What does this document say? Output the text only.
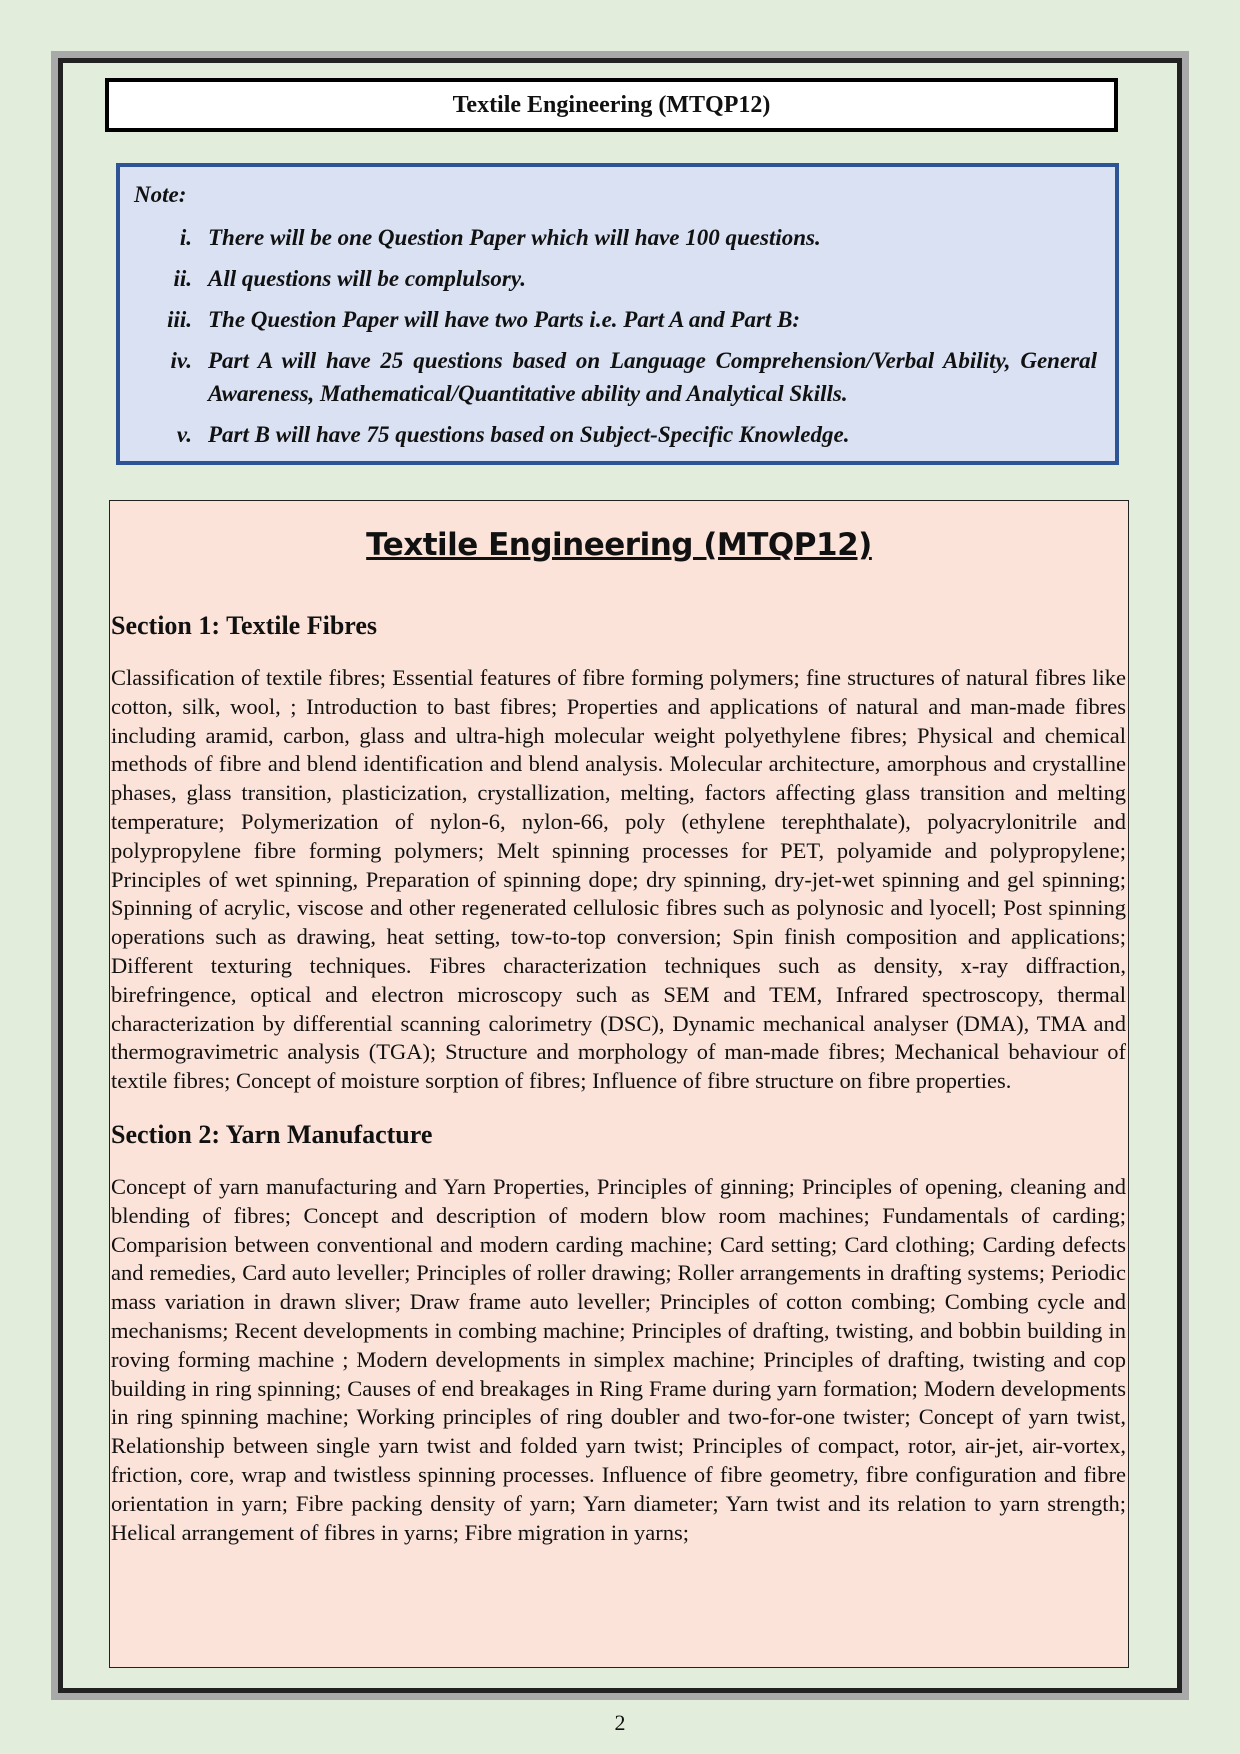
Textile Engineering (MTQP12)
Note:
i. There will be one Question Paper which will have 100 questions.
ii. All questions will be complulsory.
iii. The Question Paper will have two Parts i.e. Part A and Part B:
iv. Part A will have 25 questions based on Language Comprehension/Verbal Ability, General Awareness, Mathematical/Quantitative ability and Analytical Skills.
v. Part B will have 75 questions based on Subject-Specific Knowledge.
Textile Engineering (MTQP12)
Section 1: Textile Fibres

Classification of textile fibres; Essential features of fibre forming polymers; fine structures of natural fibres like cotton, silk, wool, ; Introduction to bast fibres; Properties and applications of natural and man-made fibres including aramid, carbon, glass and ultra-high molecular weight polyethylene fibres; Physical and chemical methods of fibre and blend identification and blend analysis. Molecular architecture, amorphous and crystalline phases, glass transition, plasticization, crystallization, melting, factors affecting glass transition and melting temperature; Polymerization of nylon-6, nylon-66, poly (ethylene terephthalate), polyacrylonitrile and polypropylene fibre forming polymers; Melt spinning processes for PET, polyamide and polypropylene; Principles of wet spinning, Preparation of spinning dope; dry spinning, dry-jet-wet spinning and gel spinning; Spinning of acrylic, viscose and other regenerated cellulosic fibres such as polynosic and lyocell; Post spinning operations such as drawing, heat setting, tow-to-top conversion; Spin finish composition and applications; Different texturing techniques. Fibres characterization techniques such as density, x-ray diffraction, birefringence, optical and electron microscopy such as SEM and TEM, Infrared spectroscopy, thermal characterization by differential scanning calorimetry (DSC), Dynamic mechanical analyser (DMA), TMA and thermogravimetric analysis (TGA); Structure and morphology of man-made fibres; Mechanical behaviour of textile fibres; Concept of moisture sorption of fibres; Influence of fibre structure on fibre properties.

Section 2: Yarn Manufacture

Concept of yarn manufacturing and Yarn Properties, Principles of ginning; Principles of opening, cleaning and blending of fibres; Concept and description of modern blow room machines; Fundamentals of carding; Comparision between conventional and modern carding machine; Card setting; Card clothing; Carding defects and remedies, Card auto leveller; Principles of roller drawing; Roller arrangements in drafting systems; Periodic mass variation in drawn sliver; Draw frame auto leveller; Principles of cotton combing; Combing cycle and mechanisms; Recent developments in combing machine; Principles of drafting, twisting, and bobbin building in roving forming machine ; Modern developments in simplex machine; Principles of drafting, twisting and cop building in ring spinning; Causes of end breakages in Ring Frame during yarn formation; Modern developments in ring spinning machine; Working principles of ring doubler and two-for-one twister; Concept of yarn twist, Relationship between single yarn twist and folded yarn twist; Principles of compact, rotor, air-jet, air-vortex, friction, core, wrap and twistless spinning processes. Influence of fibre geometry, fibre configuration and fibre orientation in yarn; Fibre packing density of yarn; Yarn diameter; Yarn twist and its relation to yarn strength; Helical arrangement of fibres in yarns; Fibre migration in yarns;

2
